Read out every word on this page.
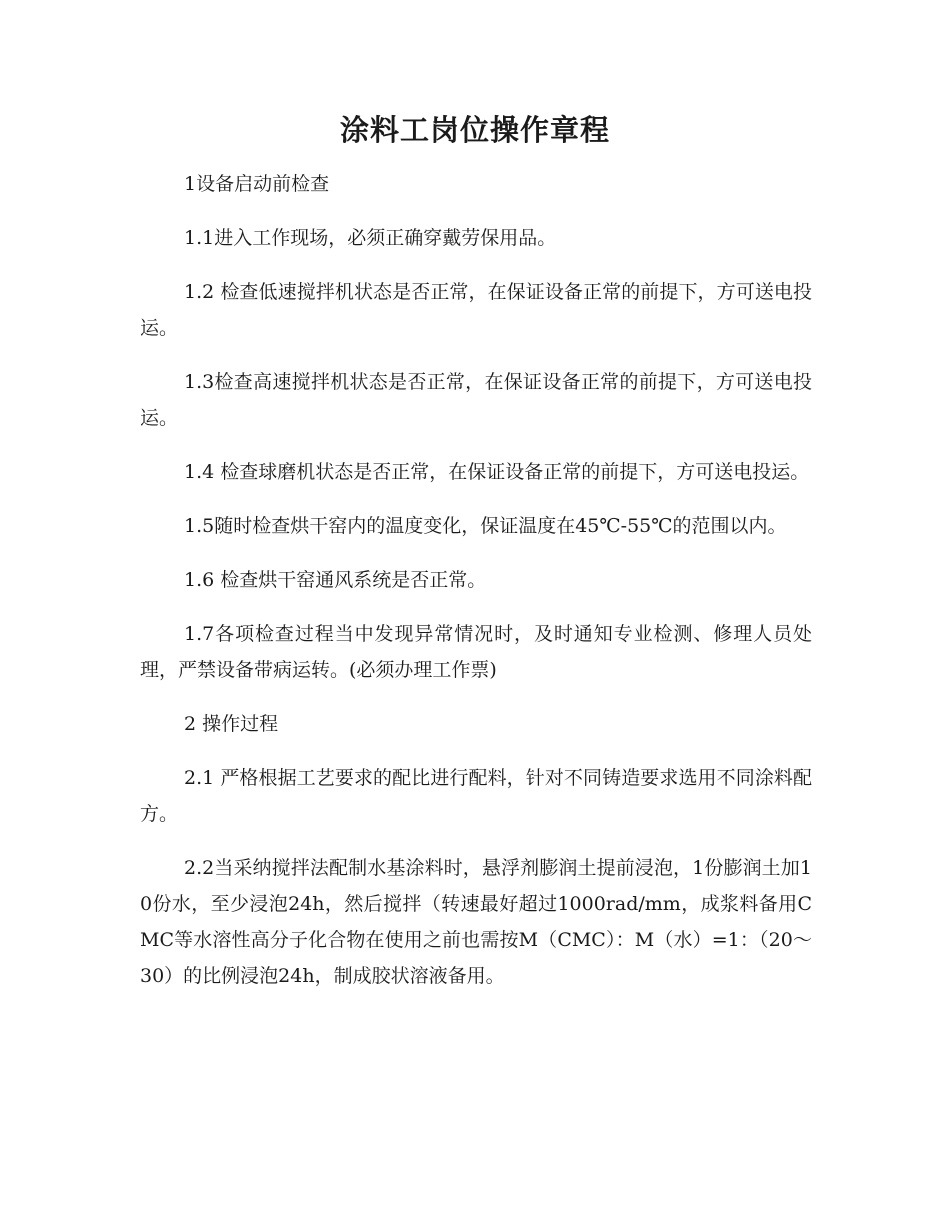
涂料工岗位操作章程

1设备启动前检查

1.1进入工作现场，必须正确穿戴劳保用品。

1.2 检查低速搅拌机状态是否正常，在保证设备正常的前提下，方可送电投运。

1.3检查高速搅拌机状态是否正常，在保证设备正常的前提下，方可送电投运。

1.4 检查球磨机状态是否正常，在保证设备正常的前提下，方可送电投运。

1.5随时检查烘干窑内的温度变化，保证温度在45℃-55℃的范围以内。

1.6 检查烘干窑通风系统是否正常。

1.7各项检查过程当中发现异常情况时，及时通知专业检测、修理人员处理，严禁设备带病运转。(必须办理工作票)

2 操作过程

2.1 严格根据工艺要求的配比进行配料，针对不同铸造要求选用不同涂料配方。

2.2当采纳搅拌法配制水基涂料时，悬浮剂膨润土提前浸泡，1份膨润土加10份水，至少浸泡24h，然后搅拌（转速最好超过1000rad/mm，成浆料备用CMC等水溶性高分子化合物在使用之前也需按M（CMC）：M（水）=1：（20～30）的比例浸泡24h，制成胶状溶液备用。
